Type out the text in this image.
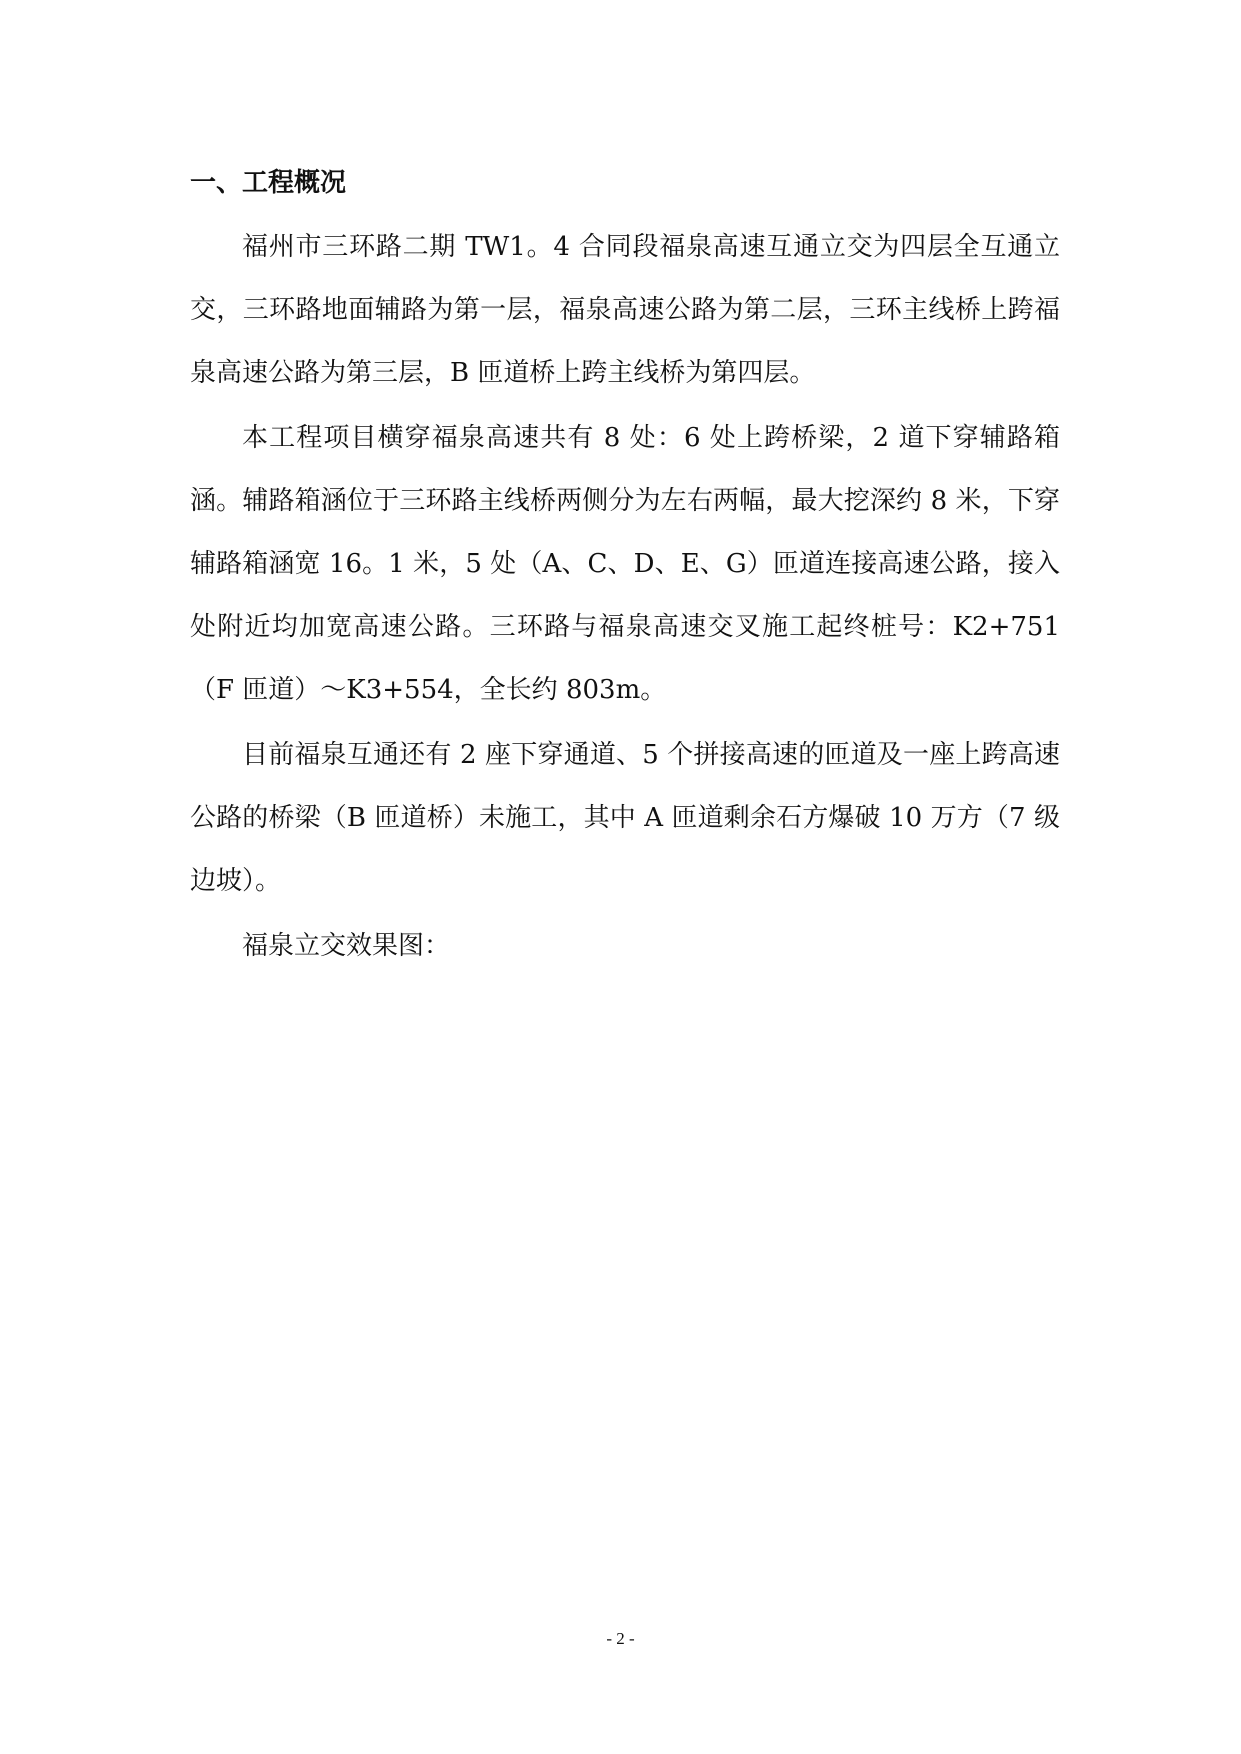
一、工程概况

福州市三环路二期 TW1。4 合同段福泉高速互通立交为四层全互通立交，三环路地面辅路为第一层，福泉高速公路为第二层，三环主线桥上跨福泉高速公路为第三层，B 匝道桥上跨主线桥为第四层。

本工程项目横穿福泉高速共有 8 处：6 处上跨桥梁，2 道下穿辅路箱涵。辅路箱涵位于三环路主线桥两侧分为左右两幅，最大挖深约 8 米，下穿辅路箱涵宽 16。1 米，5 处（A、C、D、E、G）匝道连接高速公路，接入处附近均加宽高速公路。三环路与福泉高速交叉施工起终桩号：K2+751（F 匝道）～K3+554，全长约 803m。

目前福泉互通还有 2 座下穿通道、5 个拼接高速的匝道及一座上跨高速公路的桥梁（B 匝道桥）未施工，其中 A 匝道剩余石方爆破 10 万方（7 级边坡）。

福泉立交效果图：

- 2 -
